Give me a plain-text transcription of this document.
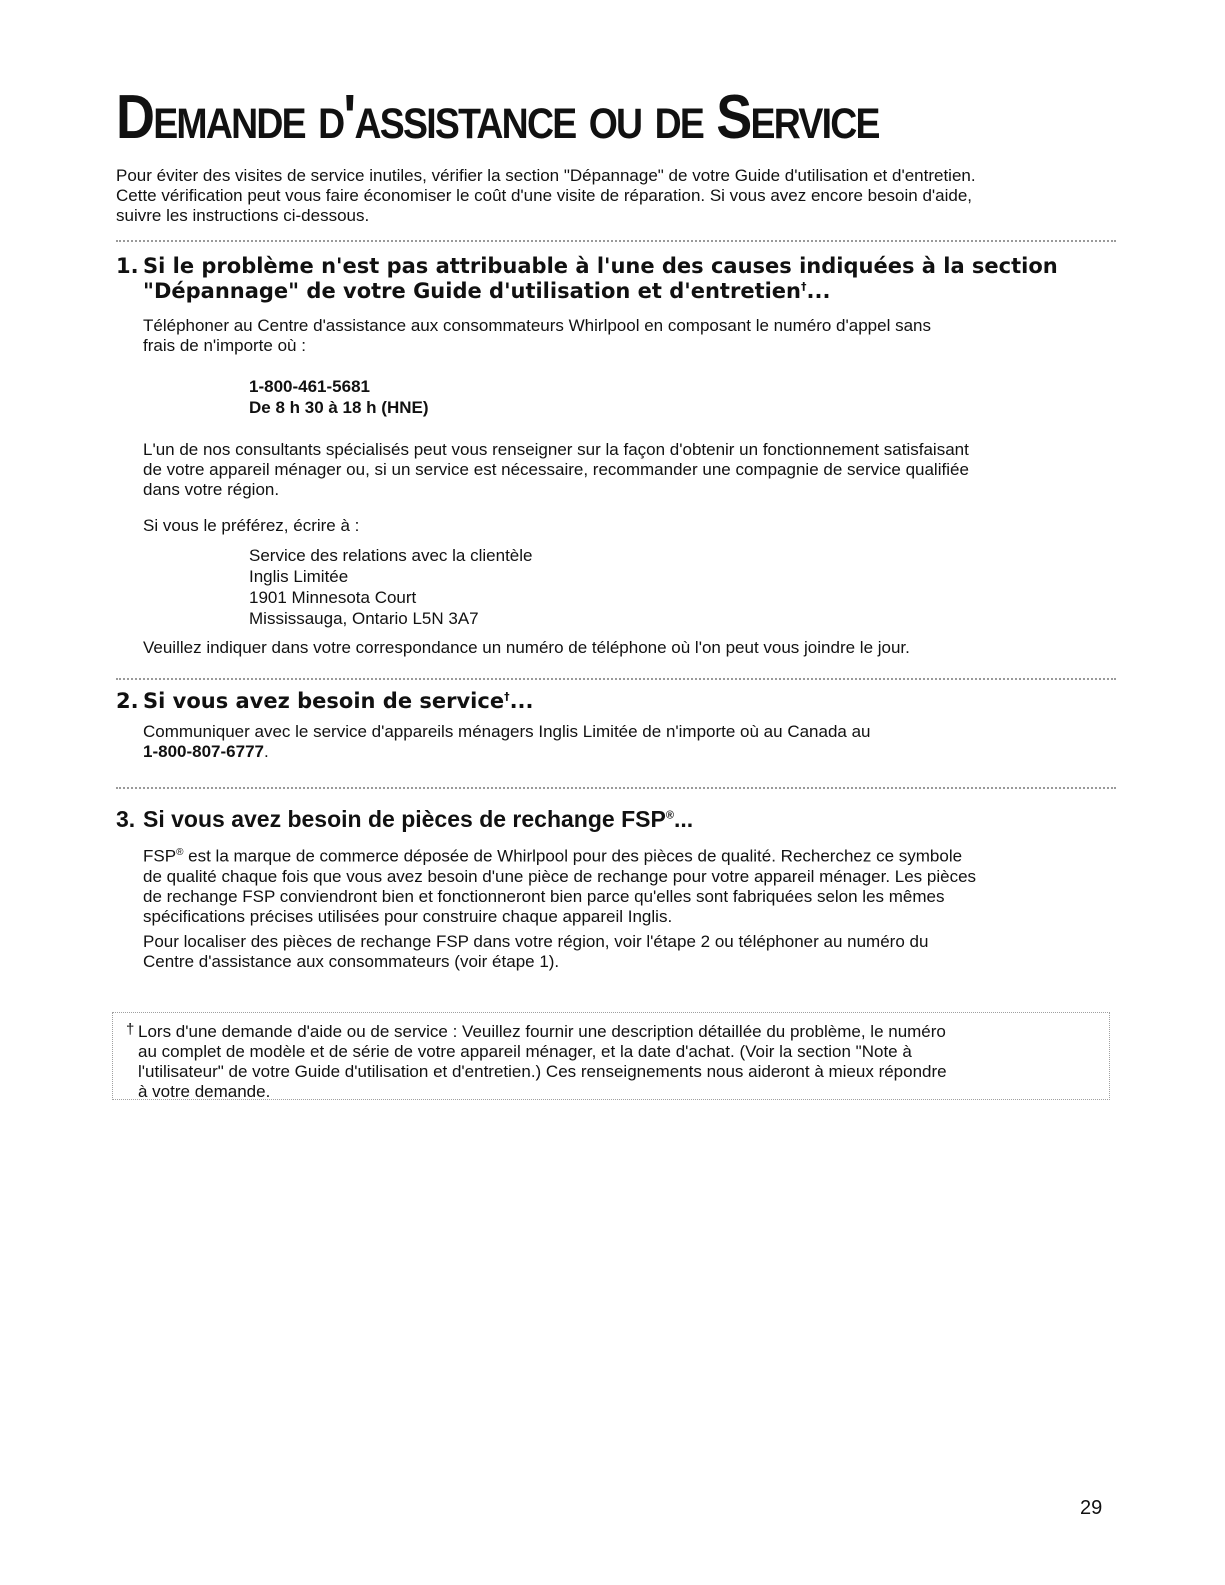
Demande d'assistance ou de Service

Pour éviter des visites de service inutiles, vérifier la section "Dépannage" de votre Guide d'utilisation et d'entretien.
Cette vérification peut vous faire économiser le coût d'une visite de réparation. Si vous avez encore besoin d'aide,
suivre les instructions ci-dessous.

1. Si le problème n'est pas attribuable à l'une des causes indiquées à la section
"Dépannage" de votre Guide d'utilisation et d'entretien†...

Téléphoner au Centre d'assistance aux consommateurs Whirlpool en composant le numéro d'appel sans
frais de n'importe où :

1-800-461-5681
De 8 h 30 à 18 h (HNE)

L'un de nos consultants spécialisés peut vous renseigner sur la façon d'obtenir un fonctionnement satisfaisant
de votre appareil ménager ou, si un service est nécessaire, recommander une compagnie de service qualifiée
dans votre région.

Si vous le préférez, écrire à :

Service des relations avec la clientèle
Inglis Limitée
1901 Minnesota Court
Mississauga, Ontario L5N 3A7

Veuillez indiquer dans votre correspondance un numéro de téléphone où l'on peut vous joindre le jour.

2. Si vous avez besoin de service†...

Communiquer avec le service d'appareils ménagers Inglis Limitée de n'importe où au Canada au
1-800-807-6777.

3. Si vous avez besoin de pièces de rechange FSP®...

FSP® est la marque de commerce déposée de Whirlpool pour des pièces de qualité. Recherchez ce symbole
de qualité chaque fois que vous avez besoin d'une pièce de rechange pour votre appareil ménager. Les pièces
de rechange FSP conviendront bien et fonctionneront bien parce qu'elles sont fabriquées selon les mêmes
spécifications précises utilisées pour construire chaque appareil Inglis.

Pour localiser des pièces de rechange FSP dans votre région, voir l'étape 2 ou téléphoner au numéro du
Centre d'assistance aux consommateurs (voir étape 1).

† Lors d'une demande d'aide ou de service : Veuillez fournir une description détaillée du problème, le numéro
au complet de modèle et de série de votre appareil ménager, et la date d'achat. (Voir la section "Note à
l'utilisateur" de votre Guide d'utilisation et d'entretien.) Ces renseignements nous aideront à mieux répondre
à votre demande.

29
